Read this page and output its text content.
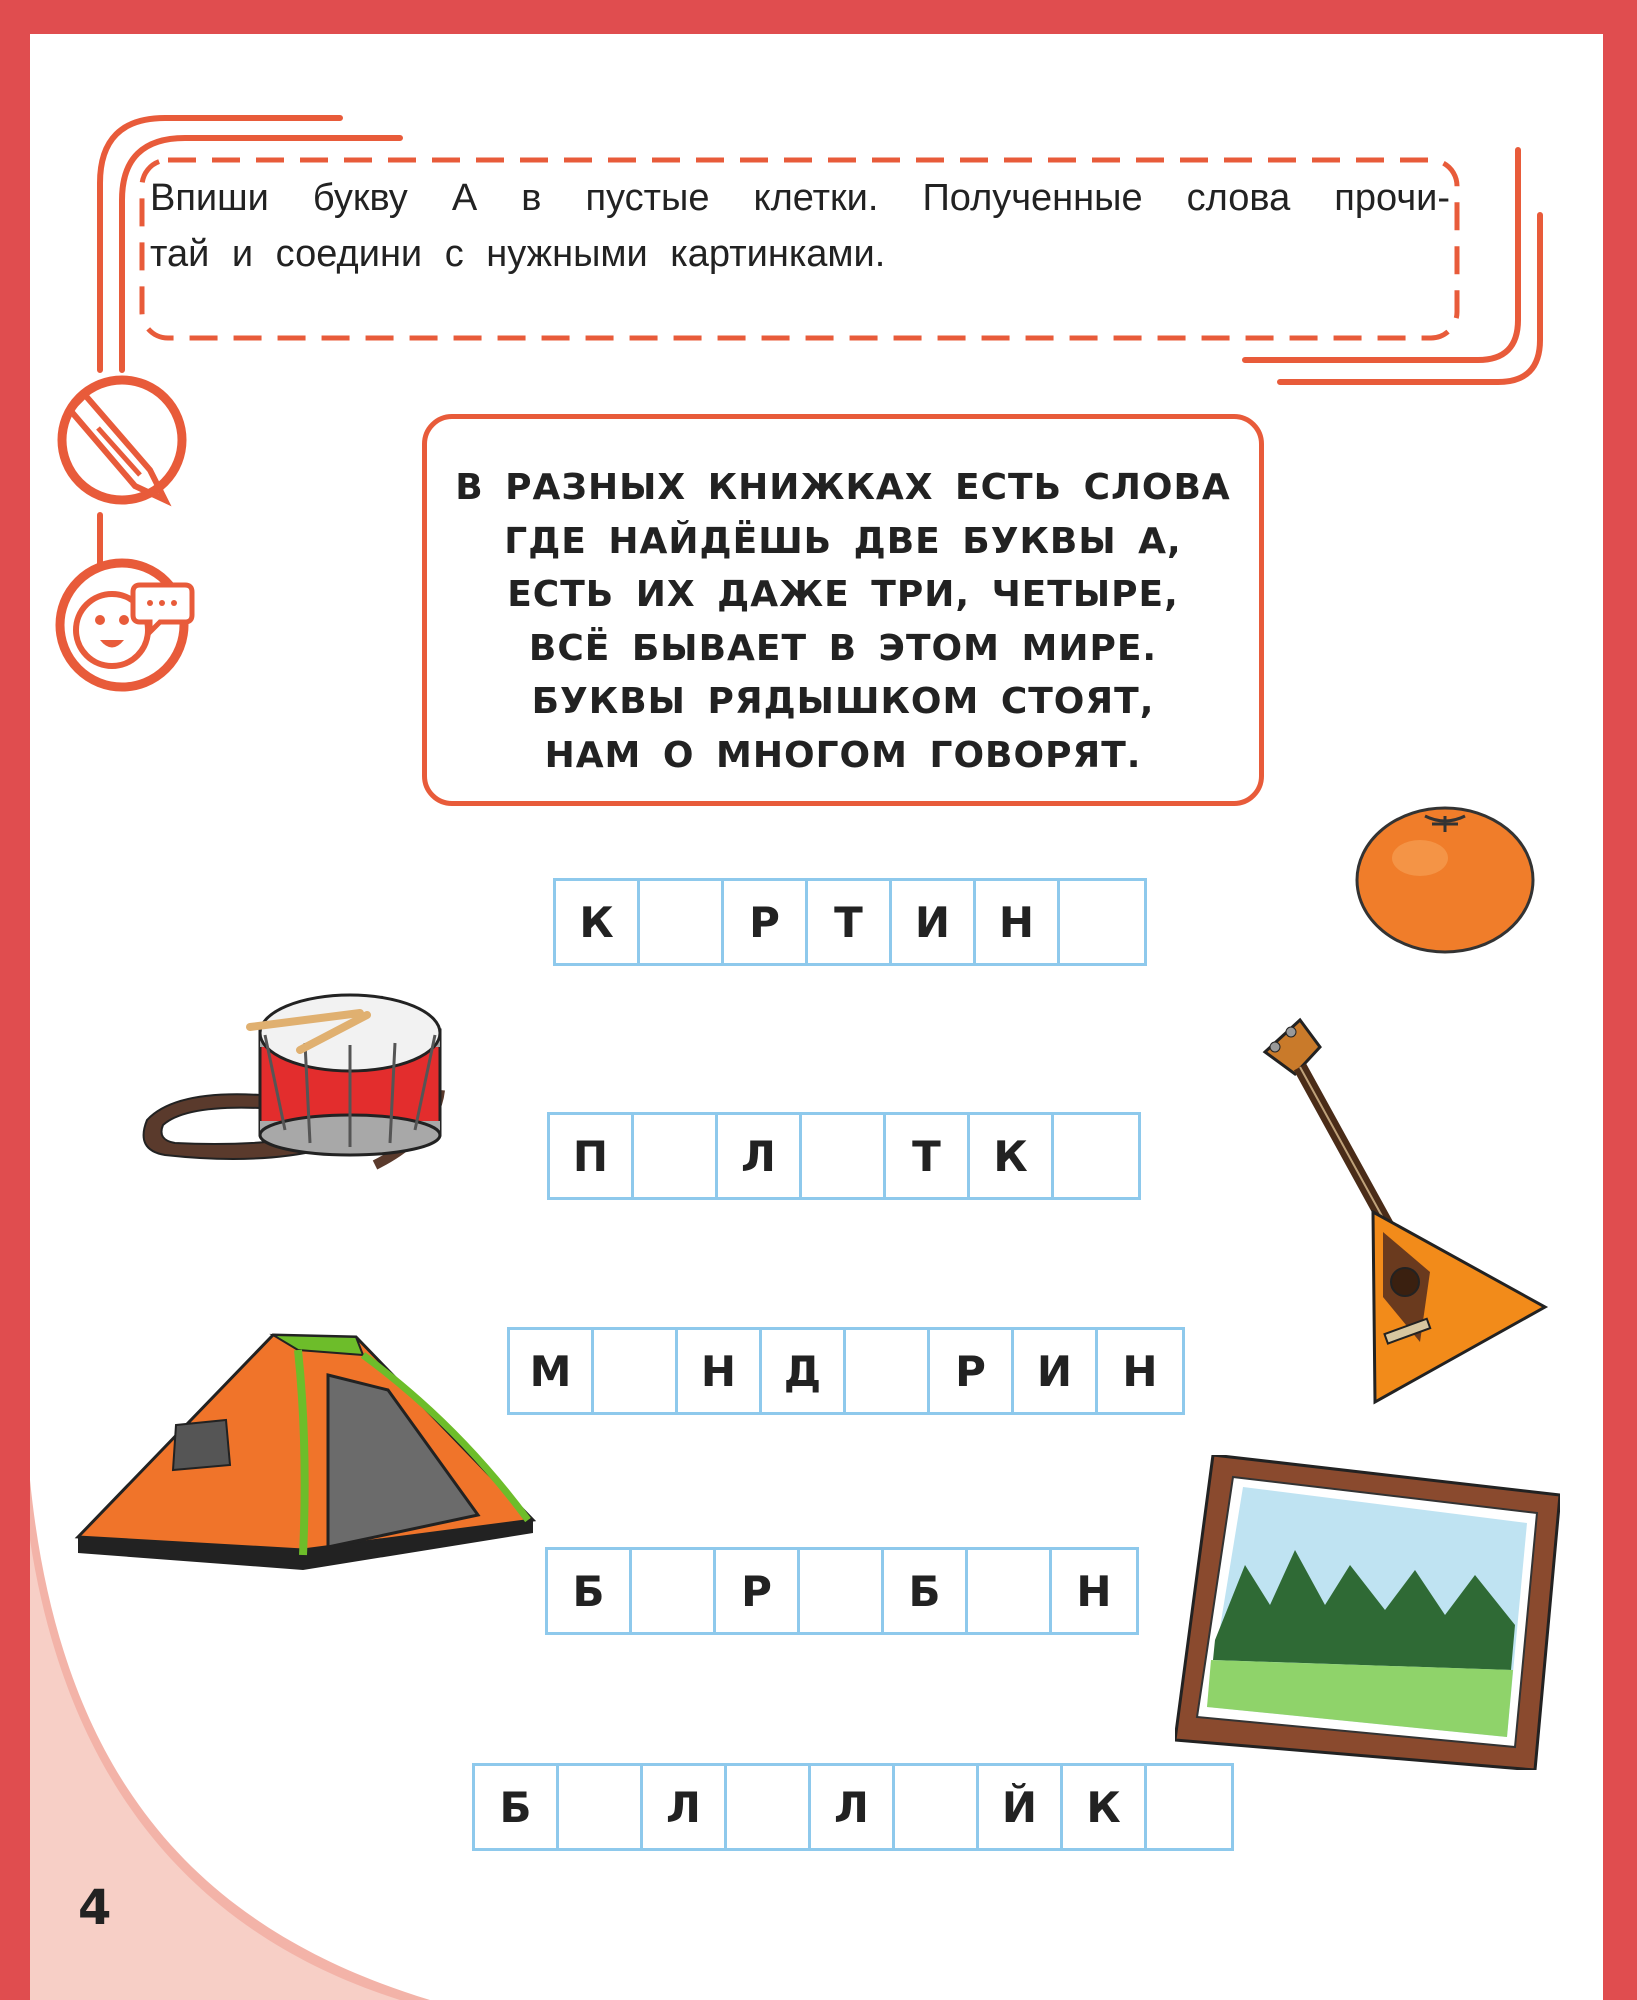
Впиши букву А в пустые клетки. Полученные слова прочи-

тай и соедини с нужными картинками.

В РАЗНЫХ КНИЖКАХ ЕСТЬ СЛОВА
ГДЕ НАЙДЁШЬ ДВЕ БУКВЫ А,
ЕСТЬ ИХ ДАЖЕ ТРИ, ЧЕТЫРЕ,
ВСЁ БЫВАЕТ В ЭТОМ МИРЕ.
БУКВЫ РЯДЫШКОМ СТОЯТ,
НАМ О МНОГОМ ГОВОРЯТ.
К	Р	Т	И	Н
П	Л	Т	К
М	Н	Д	Р	И	Н
Б	Р	Б	Н
Б	Л	Л	Й	К
4
